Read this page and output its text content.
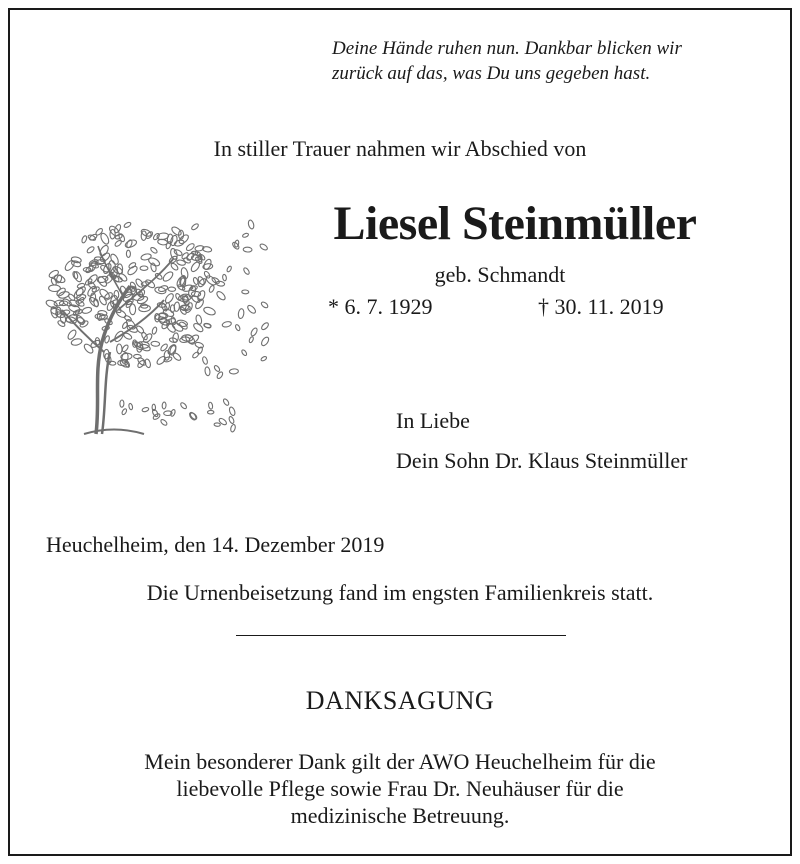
Deine Hände ruhen nun. Dankbar blicken wir
zurück auf das, was Du uns gegeben hast.
In stiller Trauer nahmen wir Abschied von
Liesel Steinmüller
geb. Schmandt
* 6. 7. 1929	† 30. 11. 2019
In Liebe
Dein Sohn Dr. Klaus Steinmüller
Heuchelheim, den 14. Dezember 2019
Die Urnenbeisetzung fand im engsten Familienkreis statt.
DANKSAGUNG
Mein besonderer Dank gilt der AWO Heuchelheim für die
liebevolle Pflege sowie Frau Dr. Neuhäuser für die
medizinische Betreuung.
